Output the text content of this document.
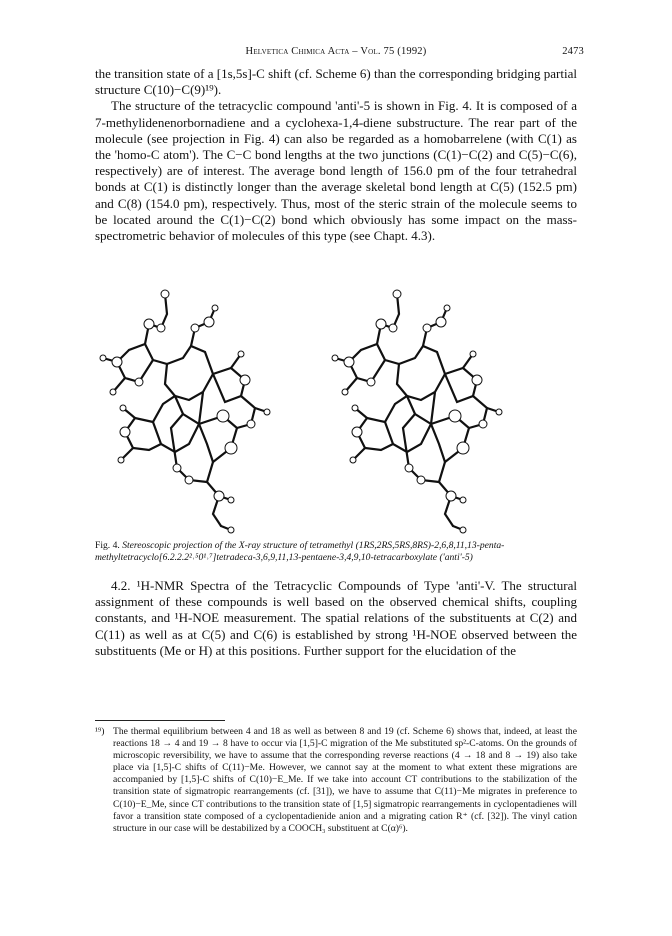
Helvetica Chimica Acta – Vol. 75 (1992)	2473

the transition state of a [1s,5s]-C shift (cf. Scheme 6) than the corresponding bridging partial structure C(10)−C(9)¹⁹).

The structure of the tetracyclic compound 'anti'-5 is shown in Fig. 4. It is composed of a 7-methylidenenorbornadiene and a cyclohexa-1,4-diene substructure. The rear part of the molecule (see projection in Fig. 4) can also be regarded as a homobarrelene (with C(1) as the 'homo-C atom'). The C−C bond lengths at the two junctions (C(1)−C(2) and C(5)−C(6), respectively) are of interest. The average bond length of 156.0 pm of the four tetrahedral bonds at C(1) is distinctly longer than the average skeletal bond length at C(5) (152.5 pm) and C(8) (154.0 pm), respectively. Thus, most of the steric strain of the molecule seems to be located around the C(1)−C(2) bond which obviously has some impact on the mass-spectrometric behavior of molecules of this type (see Chapt. 4.3).

Fig. 4. Stereoscopic projection of the X-ray structure of tetramethyl (1RS,2RS,5RS,8RS)-2,6,8,11,13-penta-methyltetracyclo[6.2.2.2²˒⁵0¹˒⁷]tetradeca-3,6,9,11,13-pentaene-3,4,9,10-tetracarboxylate ('anti'-5)

4.2. ¹H-NMR Spectra of the Tetracyclic Compounds of Type 'anti'-V. The structural assignment of these compounds is well based on the observed chemical shifts, coupling constants, and ¹H-NOE measurement. The spatial relations of the substituents at C(2) and C(11) as well as at C(5) and C(6) is established by strong ¹H-NOE observed between the substituents (Me or H) at this positions. Further support for the elucidation of the

¹⁹) The thermal equilibrium between 4 and 18 as well as between 8 and 19 (cf. Scheme 6) shows that, indeed, at least the reactions 18 → 4 and 19 → 8 have to occur via [1,5]-C migration of the Me substituted sp²-C-atoms. On the grounds of microscopic reversibility, we have to assume that the corresponding reverse reactions (4 → 18 and 8 → 19) also take place via [1,5]-C shifts of C(11)−Me. However, we cannot say at the moment to what extent these migrations are accompanied by [1,5]-C shifts of C(10)−E_Me. If we take into account CT contributions to the stabilization of the transition state of sigmatropic rearrangements (cf. [31]), we have to assume that C(11)−Me migrates in preference to C(10)−E_Me, since CT contributions to the transition state of [1,5] sigmatropic rearrangements in cyclopentadienes will favor a transition state composed of a cyclopentadienide anion and a migrating cation R⁺ (cf. [32]). The vinyl cation structure in our case will be destabilized by a COOCH₃ substituent at C(α)⁶).
